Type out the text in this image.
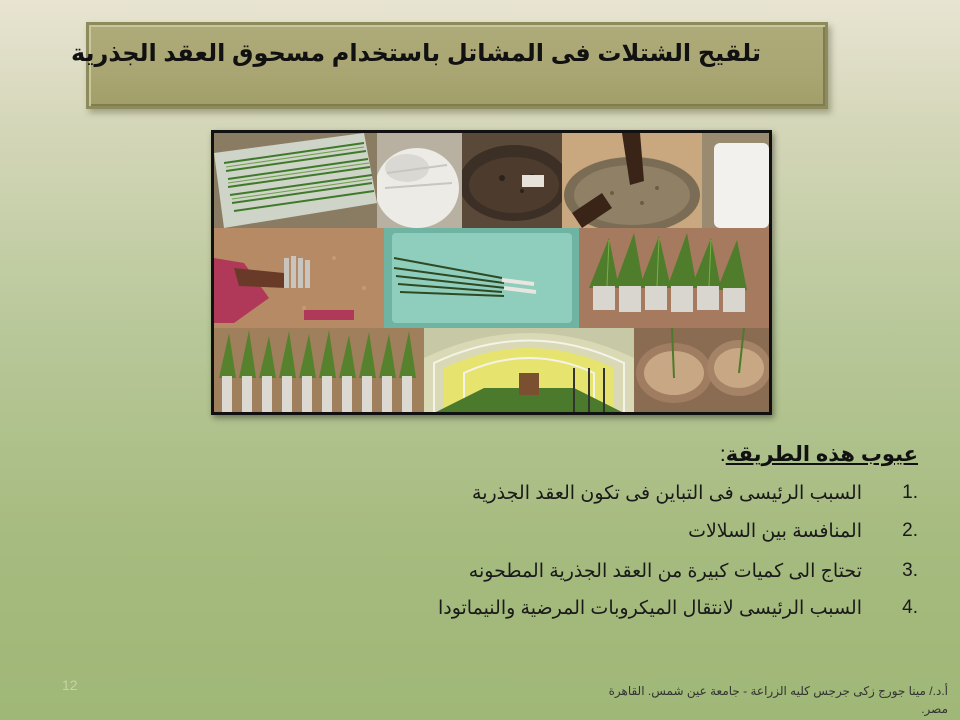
تلقيح الشتلات فى المشاتل باستخدام مسحوق العقد الجذرية
عيوب هذه الطريقة:
1.
السبب الرئيسى فى التباين فى تكون العقد الجذرية
2.
المنافسة بين السلالات
3.
تحتاج الى كميات كبيرة من العقد الجذرية المطحونه
4.
السبب الرئيسى لانتقال الميكروبات المرضية والنيماتودا
12	أ.د./ مينا جورج زكى جرجس كليه الزراعة - جامعة عين شمس. القاهرة
مصر.
